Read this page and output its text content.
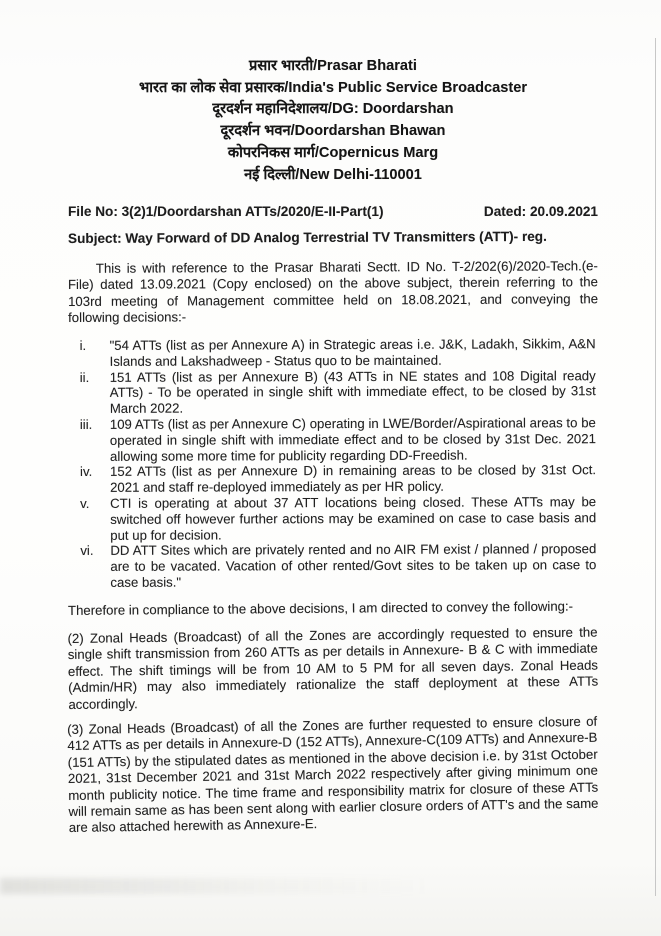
प्रसार भारती/Prasar Bharati

भारत का लोक सेवा प्रसारक/India's Public Service Broadcaster

दूरदर्शन महानिदेशालय/DG: Doordarshan

दूरदर्शन भवन/Doordarshan Bhawan

कोपरनिकस मार्ग/Copernicus Marg

नई दिल्ली/New Delhi-110001

File No: 3(2)1/Doordarshan ATTs/2020/E-II-Part(1)	Dated: 20.09.2021
Subject: Way Forward of DD Analog Terrestrial TV Transmitters (ATT)- reg.
This is with reference to the Prasar Bharati Sectt. ID No. T-2/202(6)/2020-Tech.(e-File) dated 13.09.2021 (Copy enclosed) on the above subject, therein referring to the 103rd meeting of Management committee held on 18.08.2021, and conveying the following decisions:-
i.	"54 ATTs (list as per Annexure A) in Strategic areas i.e. J&K, Ladakh, Sikkim, A&N Islands and Lakshadweep - Status quo to be maintained.
ii.	151 ATTs (list as per Annexure B) (43 ATTs in NE states and 108 Digital ready ATTs) - To be operated in single shift with immediate effect, to be closed by 31st March 2022.
iii.	109 ATTs (list as per Annexure C) operating in LWE/Border/Aspirational areas to be operated in single shift with immediate effect and to be closed by 31st Dec. 2021 allowing some more time for publicity regarding DD-Freedish.
iv.	152 ATTs (list as per Annexure D) in remaining areas to be closed by 31st Oct. 2021 and staff re-deployed immediately as per HR policy.
v.	CTI is operating at about 37 ATT locations being closed. These ATTs may be switched off however further actions may be examined on case to case basis and put up for decision.
vi.	DD ATT Sites which are privately rented and no AIR FM exist / planned / proposed are to be vacated. Vacation of other rented/Govt sites to be taken up on case to case basis."
Therefore in compliance to the above decisions, I am directed to convey the following:-
(2) Zonal Heads (Broadcast) of all the Zones are accordingly requested to ensure the single shift transmission from 260 ATTs as per details in Annexure- B & C with immediate effect. The shift timings will be from 10 AM to 5 PM for all seven days. Zonal Heads (Admin/HR) may also immediately rationalize the staff deployment at these ATTs accordingly.
(3) Zonal Heads (Broadcast) of all the Zones are further requested to ensure closure of 412 ATTs as per details in Annexure-D (152 ATTs), Annexure-C(109 ATTs) and Annexure-B (151 ATTs) by the stipulated dates as mentioned in the above decision i.e. by 31st October 2021, 31st December 2021 and 31st March 2022 respectively after giving minimum one month publicity notice. The time frame and responsibility matrix for closure of these ATTs will remain same as has been sent along with earlier closure orders of ATT's and the same are also attached herewith as Annexure-E.
